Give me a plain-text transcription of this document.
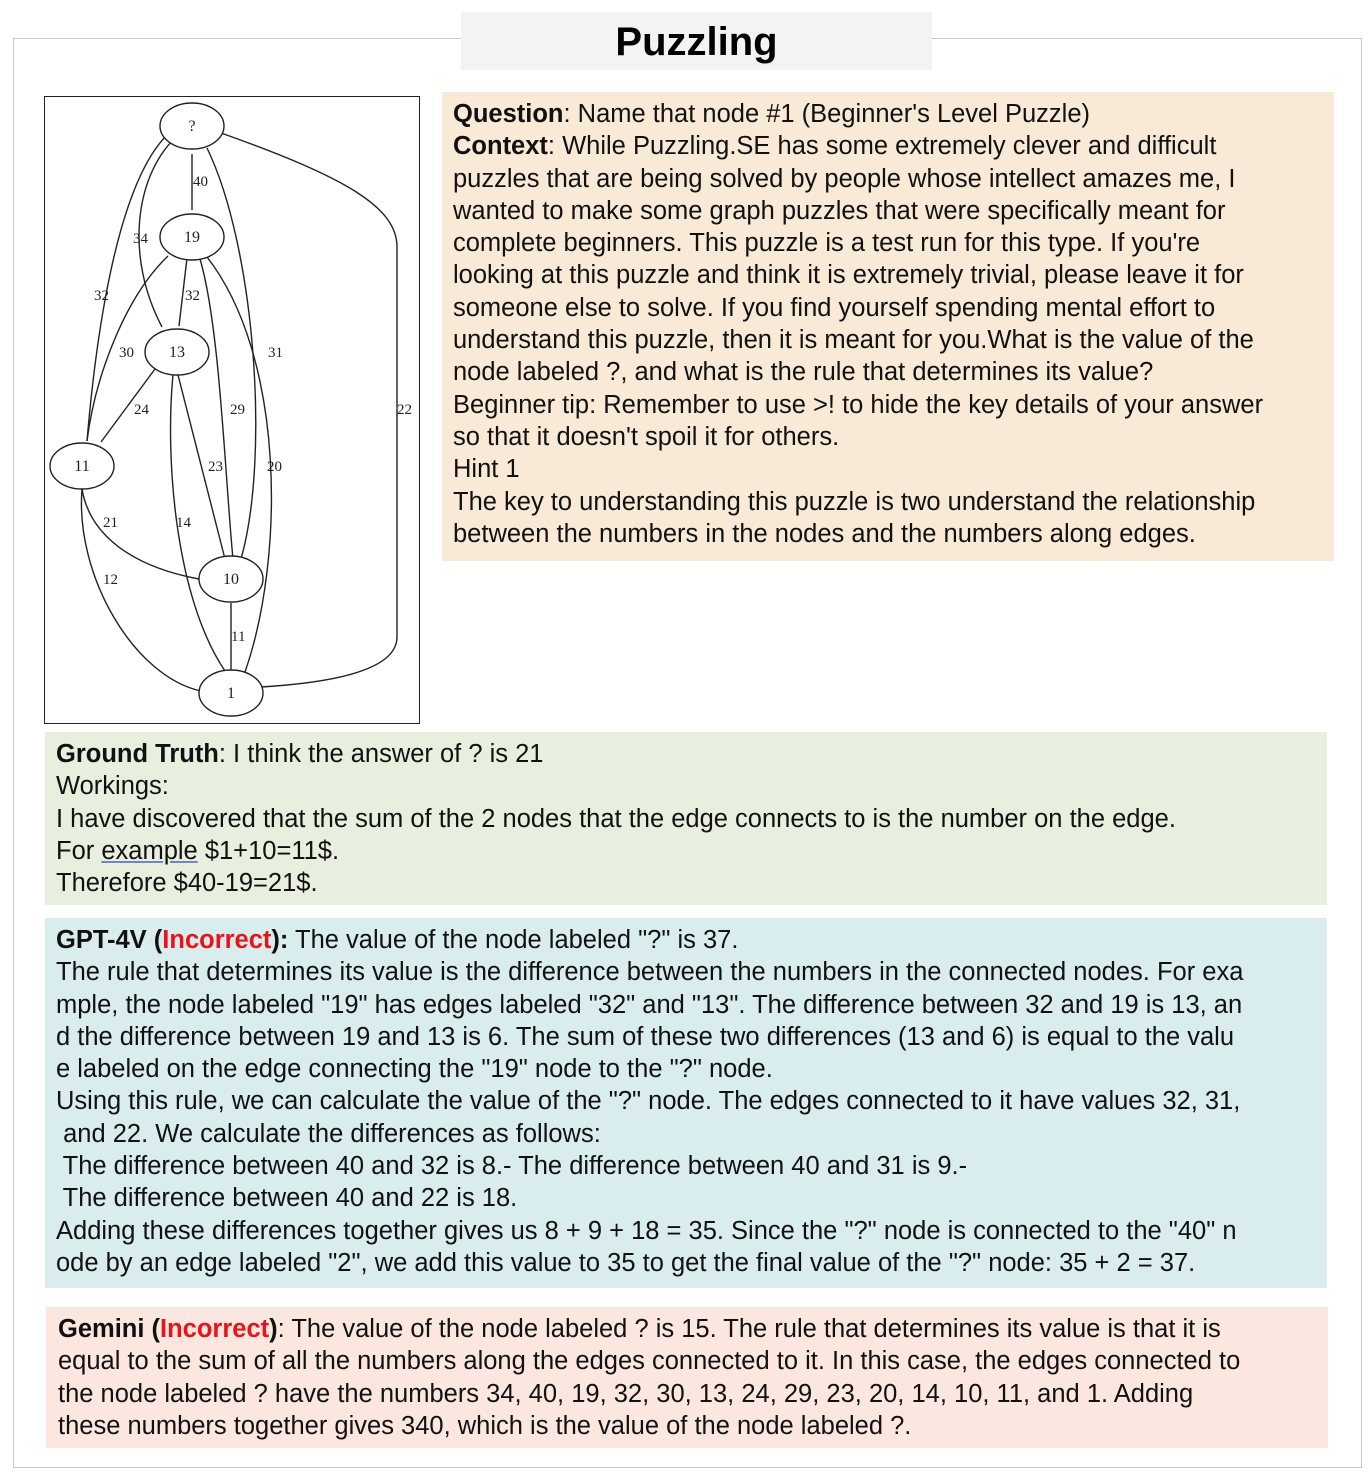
Puzzling
?
19
13
11
10
1
40
34
32	32
30	31
24	29	22
23	20
21	14
12
11
Question: Name that node #1 (Beginner's Level Puzzle)
Context: While Puzzling.SE has some extremely clever and difficult
puzzles that are being solved by people whose intellect amazes me, I
wanted to make some graph puzzles that were specifically meant for
complete beginners. This puzzle is a test run for this type. If you're
looking at this puzzle and think it is extremely trivial, please leave it for
someone else to solve. If you find yourself spending mental effort to
understand this puzzle, then it is meant for you.What is the value of the
node labeled ?, and what is the rule that determines its value?
Beginner tip: Remember to use >! to hide the key details of your answer
so that it doesn't spoil it for others.
Hint 1
The key to understanding this puzzle is two understand the relationship
between the numbers in the nodes and the numbers along edges.
Ground Truth: I think the answer of ? is 21
Workings:
I have discovered that the sum of the 2 nodes that the edge connects to is the number on the edge.
For example $1+10=11$.
Therefore $40-19=21$.
GPT-4V (Incorrect): The value of the node labeled "?" is 37.
The rule that determines its value is the difference between the numbers in the connected nodes. For exa
mple, the node labeled "19" has edges labeled "32" and "13". The difference between 32 and 19 is 13, an
d the difference between 19 and 13 is 6. The sum of these two differences (13 and 6) is equal to the valu
e labeled on the edge connecting the "19" node to the "?" node.
Using this rule, we can calculate the value of the "?" node. The edges connected to it have values 32, 31,
and 22. We calculate the differences as follows:
The difference between 40 and 32 is 8.- The difference between 40 and 31 is 9.-
The difference between 40 and 22 is 18.
Adding these differences together gives us 8 + 9 + 18 = 35. Since the "?" node is connected to the "40" n
ode by an edge labeled "2", we add this value to 35 to get the final value of the "?" node: 35 + 2 = 37.
Gemini (Incorrect): The value of the node labeled ? is 15. The rule that determines its value is that it is
equal to the sum of all the numbers along the edges connected to it. In this case, the edges connected to
the node labeled ? have the numbers 34, 40, 19, 32, 30, 13, 24, 29, 23, 20, 14, 10, 11, and 1. Adding
these numbers together gives 340, which is the value of the node labeled ?.
